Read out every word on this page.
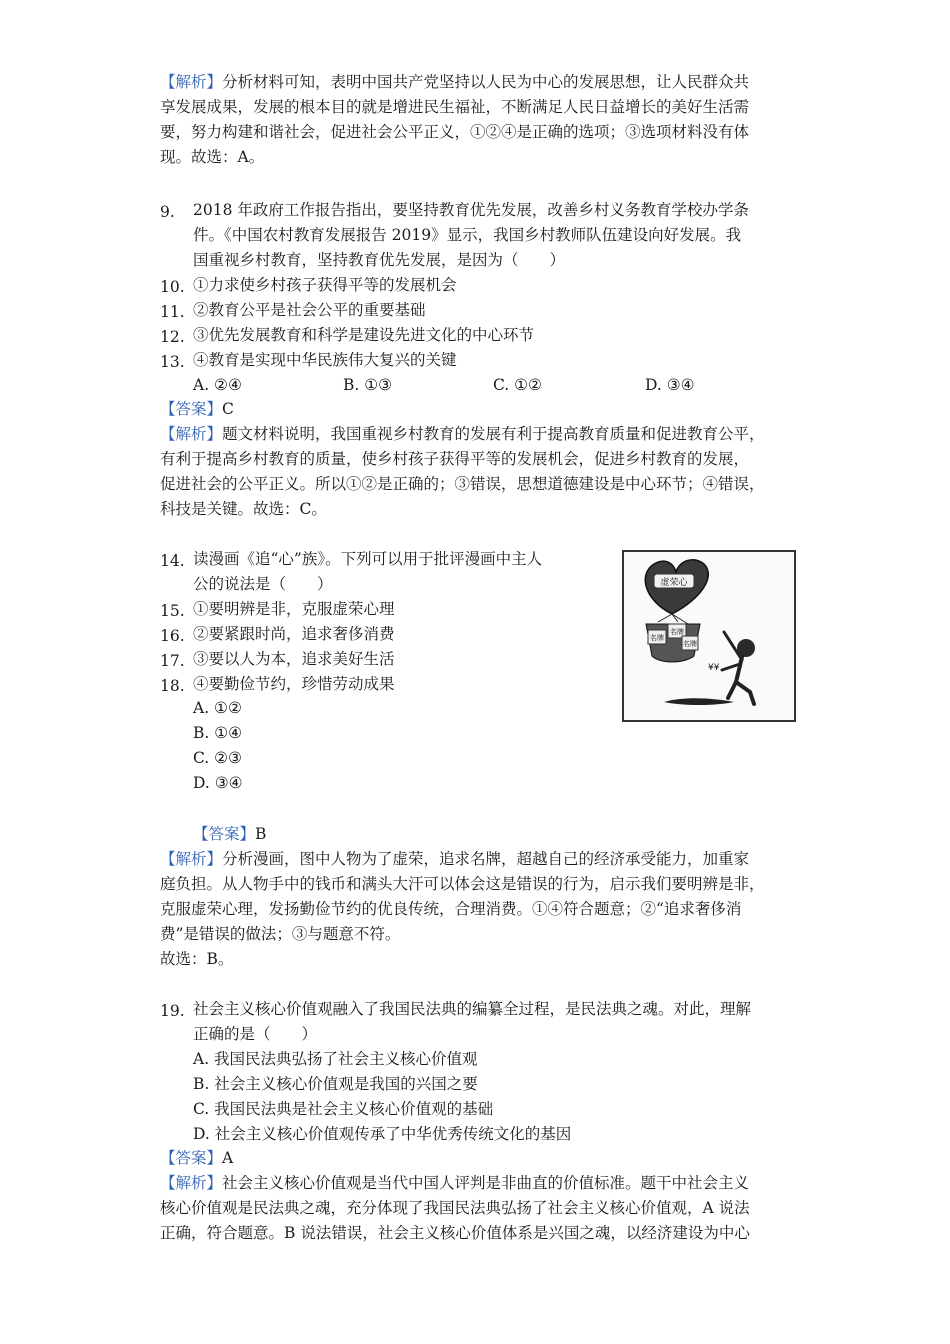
【解析】分析材料可知，表明中国共产党坚持以人民为中心的发展思想，让人民群众共
享发展成果，发展的根本目的就是增进民生福祉，不断满足人民日益增长的美好生活需
要，努力构建和谐社会，促进社会公平正义，①②④是正确的选项；③选项材料没有体
现。故选：A。
9. 2018 年政府工作报告指出，要坚持教育优先发展，改善乡村义务教育学校办学条
件。《中国农村教育发展报告 2019》显示，我国乡村教师队伍建设向好发展。我
国重视乡村教育，坚持教育优先发展，是因为（　　）
10. ①力求使乡村孩子获得平等的发展机会
11. ②教育公平是社会公平的重要基础
12. ③优先发展教育和科学是建设先进文化的中心环节
13. ④教育是实现中华民族伟大复兴的关键
A. ②④	B. ①③	C. ①②	D. ③④
【答案】C
【解析】题文材料说明，我国重视乡村教育的发展有利于提高教育质量和促进教育公平，
有利于提高乡村教育的质量，使乡村孩子获得平等的发展机会，促进乡村教育的发展，
促进社会的公平正义。所以①②是正确的；③错误，思想道德建设是中心环节；④错误，
科技是关键。故选：C。
14. 读漫画《追“心”族》。下列可以用于批评漫画中主人
公的说法是（　　）
15. ①要明辨是非，克服虚荣心理
16. ②要紧跟时尚，追求奢侈消费
17. ③要以人为本，追求美好生活
18. ④要勤俭节约，珍惜劳动成果
A. ①②
B. ①④
C. ②③
D. ③④
虚荣心
名牌
名牌
名牌
¥¥
【答案】B
【解析】分析漫画，图中人物为了虚荣，追求名牌，超越自己的经济承受能力，加重家
庭负担。从人物手中的钱币和满头大汗可以体会这是错误的行为，启示我们要明辨是非，
克服虚荣心理，发扬勤俭节约的优良传统，合理消费。①④符合题意；②“追求奢侈消
费”是错误的做法；③与题意不符。
故选：B。
19. 社会主义核心价值观融入了我国民法典的编纂全过程，是民法典之魂。对此，理解
正确的是（　　）
A. 我国民法典弘扬了社会主义核心价值观
B. 社会主义核心价值观是我国的兴国之要
C. 我国民法典是社会主义核心价值观的基础
D. 社会主义核心价值观传承了中华优秀传统文化的基因
【答案】A
【解析】社会主义核心价值观是当代中国人评判是非曲直的价值标准。题干中社会主义
核心价值观是民法典之魂，充分体现了我国民法典弘扬了社会主义核心价值观，A 说法
正确，符合题意。B 说法错误，社会主义核心价值体系是兴国之魂，以经济建设为中心
